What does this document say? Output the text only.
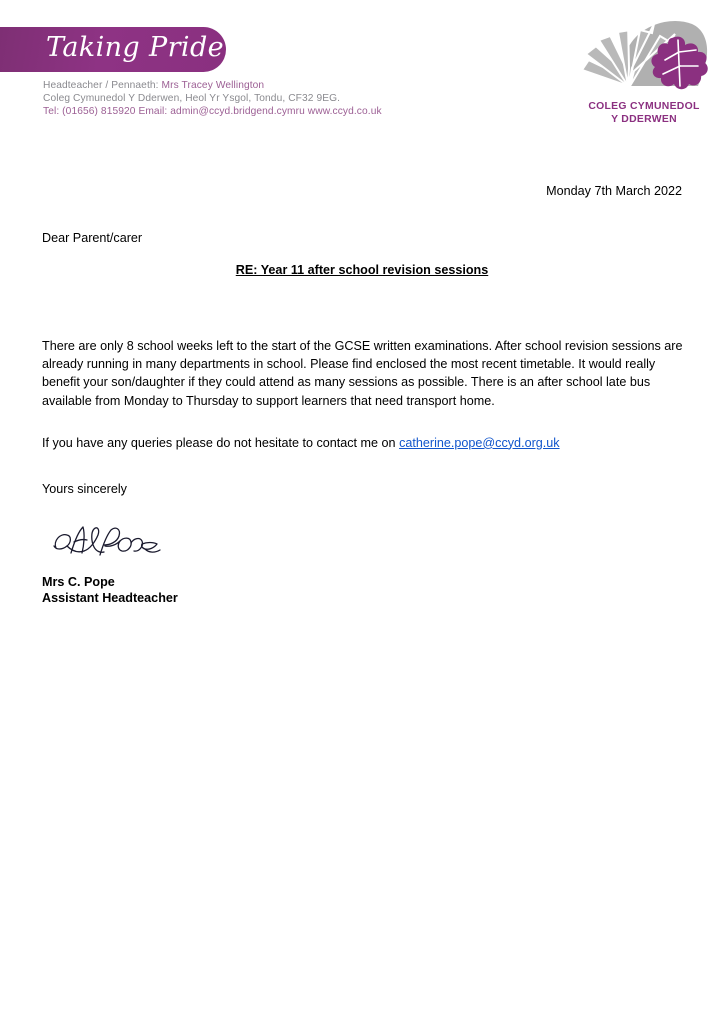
Taking Pride
Headteacher / Pennaeth: Mrs Tracey Wellington
Coleg Cymunedol Y Dderwen, Heol Yr Ysgol, Tondu, CF32 9EG.
Tel: (01656) 815920 Email: admin@ccyd.bridgend.cymru www.ccyd.co.uk	COLEG CYMUNEDOL
Y DDERWEN
Monday 7th March 2022
Dear Parent/carer
RE: Year 11 after school revision sessions

There are only 8 school weeks left to the start of the GCSE written examinations. After school revision sessions are already running in many departments in school. Please find enclosed the most recent timetable. It would really benefit your son/daughter if they could attend as many sessions as possible. There is an after school late bus available from Monday to Thursday to support learners that need transport home.

If you have any queries please do not hesitate to contact me on catherine.pope@ccyd.org.uk

Yours sincerely
Mrs C. Pope
Assistant Headteacher
